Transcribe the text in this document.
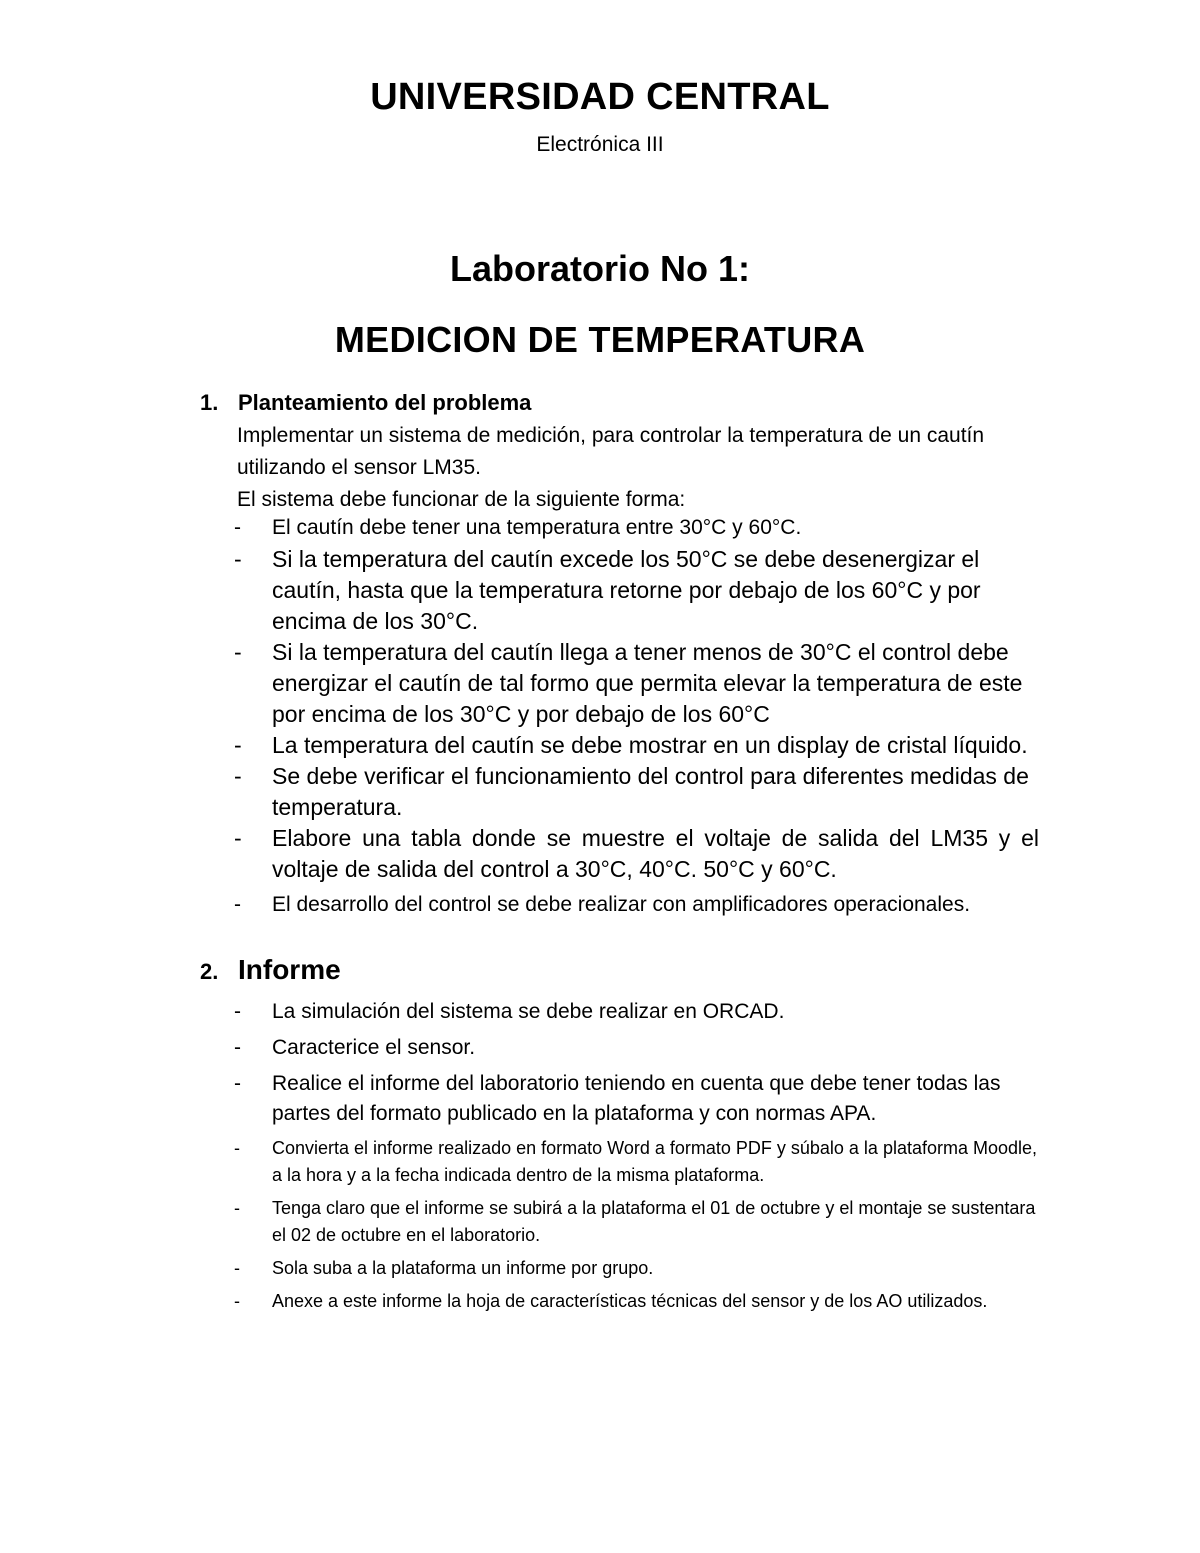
UNIVERSIDAD CENTRAL
Electrónica III
Laboratorio No 1:
MEDICION DE TEMPERATURA
1. Planteamiento del problema

Implementar un sistema de medición, para controlar la temperatura de un cautín utilizando el sensor LM35.

El sistema debe funcionar de la siguiente forma:

- El cautín debe tener una temperatura entre 30°C y 60°C.
- Si la temperatura del cautín excede los 50°C se debe desenergizar el cautín, hasta que la temperatura retorne por debajo de los 60°C y por encima de los 30°C.
- Si la temperatura del cautín llega a tener menos de 30°C el control debe energizar el cautín de tal formo que permita elevar la temperatura de este por encima de los 30°C y por debajo de los 60°C
- La temperatura del cautín se debe mostrar en un display de cristal líquido.
- Se debe verificar el funcionamiento del control para diferentes medidas de temperatura.
- Elabore una tabla donde se muestre el voltaje de salida del LM35 y el voltaje de salida del control a 30°C, 40°C. 50°C y 60°C.
- El desarrollo del control se debe realizar con amplificadores operacionales.
2. Informe
- La simulación del sistema se debe realizar en ORCAD.
- Caracterice el sensor.
- Realice el informe del laboratorio teniendo en cuenta que debe tener todas las partes del formato publicado en la plataforma y con normas APA.
- Convierta el informe realizado en formato Word a formato PDF y súbalo a la plataforma Moodle, a la hora y a la fecha indicada dentro de la misma plataforma.
- Tenga claro que el informe se subirá a la plataforma el 01 de octubre y el montaje se sustentara el 02 de octubre en el laboratorio.
- Sola suba a la plataforma un informe por grupo.
- Anexe a este informe la hoja de características técnicas del sensor y de los AO utilizados.
